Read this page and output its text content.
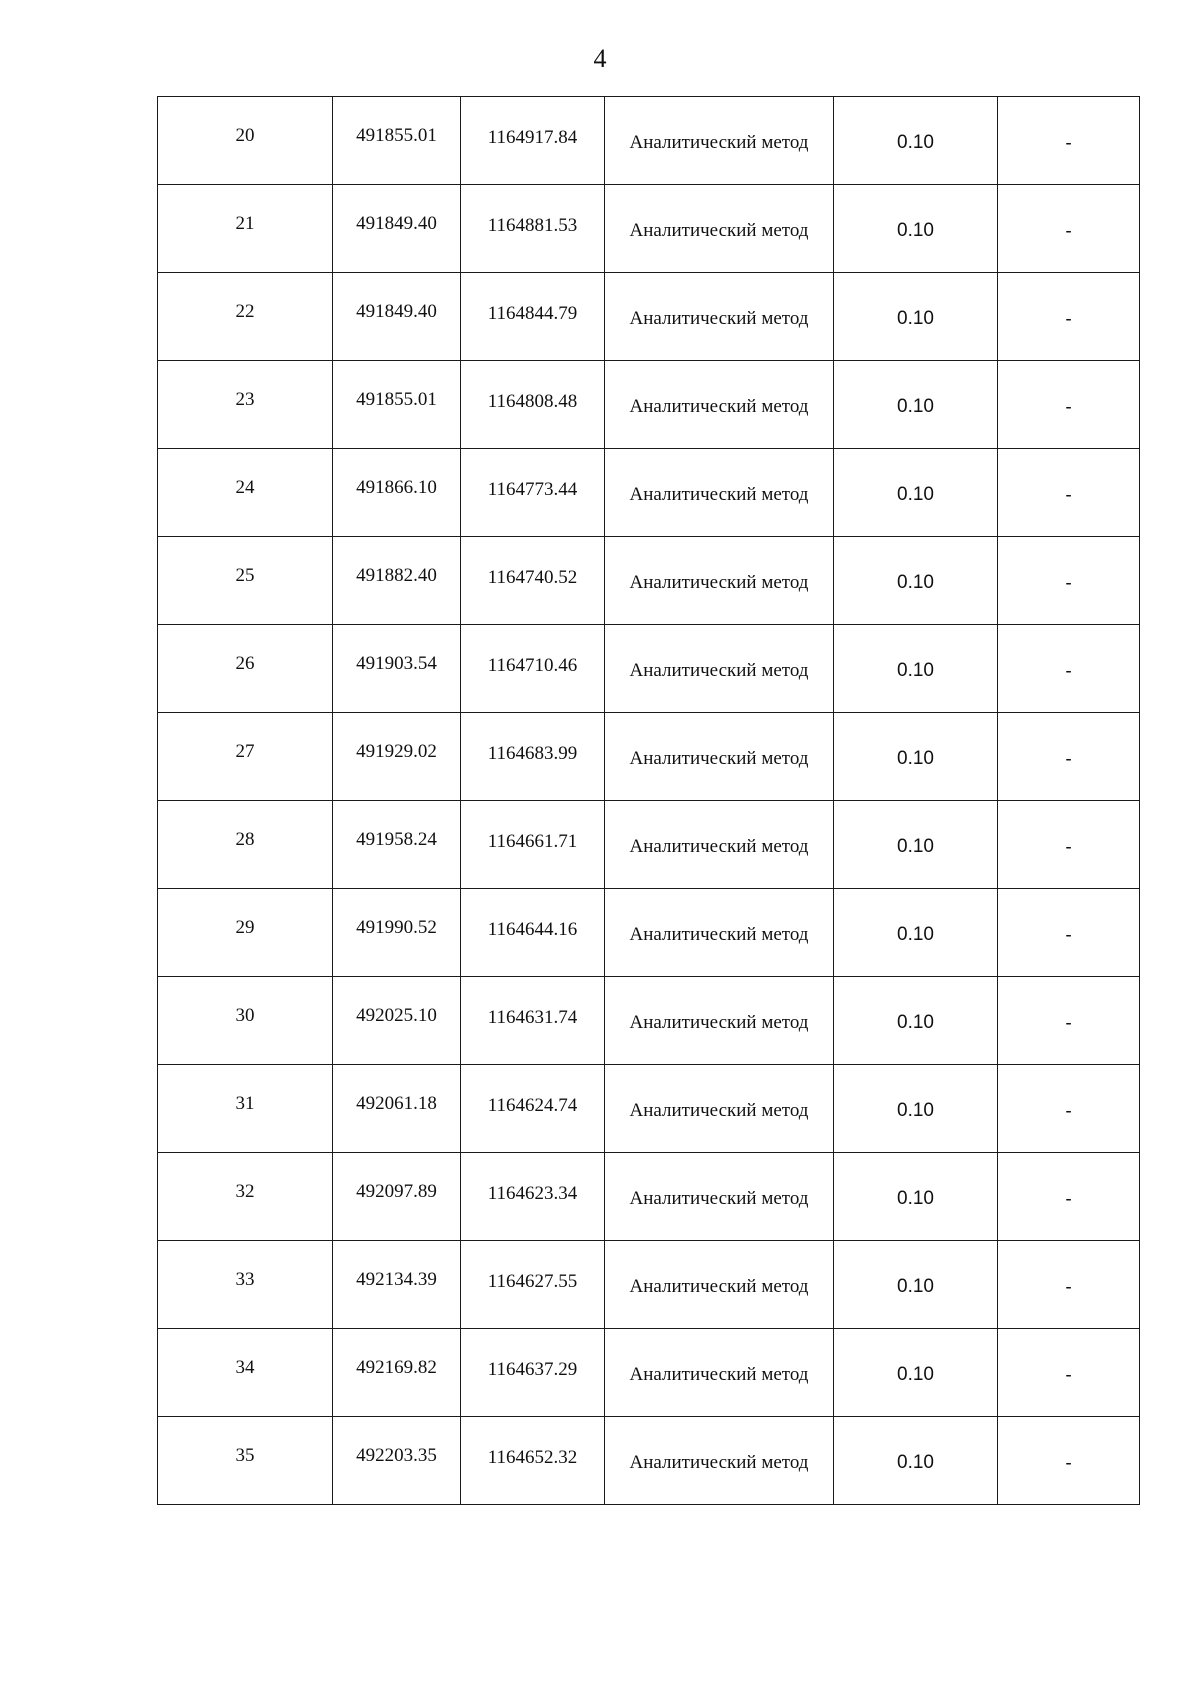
4
20	491855.01	1164917.84	Аналитический метод	0.10	-
21	491849.40	1164881.53	Аналитический метод	0.10	-
22	491849.40	1164844.79	Аналитический метод	0.10	-
23	491855.01	1164808.48	Аналитический метод	0.10	-
24	491866.10	1164773.44	Аналитический метод	0.10	-
25	491882.40	1164740.52	Аналитический метод	0.10	-
26	491903.54	1164710.46	Аналитический метод	0.10	-
27	491929.02	1164683.99	Аналитический метод	0.10	-
28	491958.24	1164661.71	Аналитический метод	0.10	-
29	491990.52	1164644.16	Аналитический метод	0.10	-
30	492025.10	1164631.74	Аналитический метод	0.10	-
31	492061.18	1164624.74	Аналитический метод	0.10	-
32	492097.89	1164623.34	Аналитический метод	0.10	-
33	492134.39	1164627.55	Аналитический метод	0.10	-
34	492169.82	1164637.29	Аналитический метод	0.10	-
35	492203.35	1164652.32	Аналитический метод	0.10	-
